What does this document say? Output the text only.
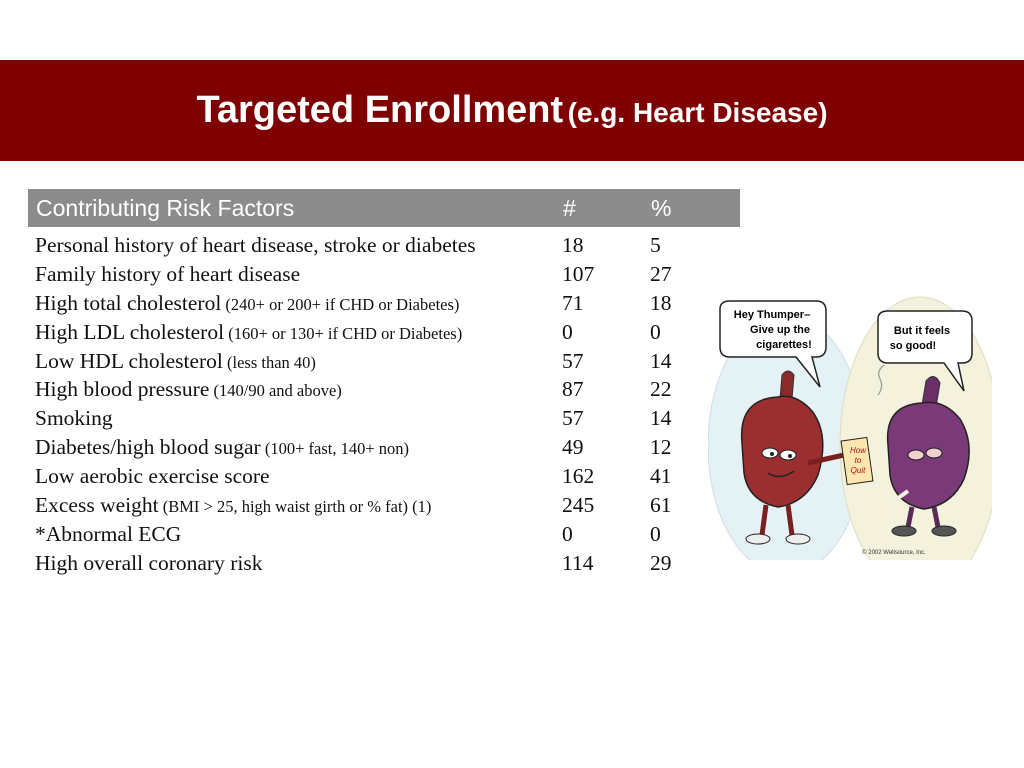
Targeted Enrollment (e.g. Heart Disease)
Contributing Risk Factors	#	%
Personal history of heart disease, stroke or diabetes	18	5
Family history of heart disease	107	27
High total cholesterol (240+ or 200+ if CHD or Diabetes)	71	18
High LDL cholesterol (160+ or 130+ if CHD or Diabetes)	0	0
Low HDL cholesterol (less than 40)	57	14
High blood pressure (140/90 and above)	87	22
Smoking	57	14
Diabetes/high blood sugar (100+ fast, 140+ non)	49	12
Low aerobic exercise score	162	41
Excess weight (BMI > 25, high waist girth or % fat) (1)	245	61
*Abnormal ECG	0	0
High overall coronary risk	114	29
Hey Thumper–
Give up the
cigarettes!
But it feels
so good!
How
to
Quit
© 2002 Wellsource, Inc.
